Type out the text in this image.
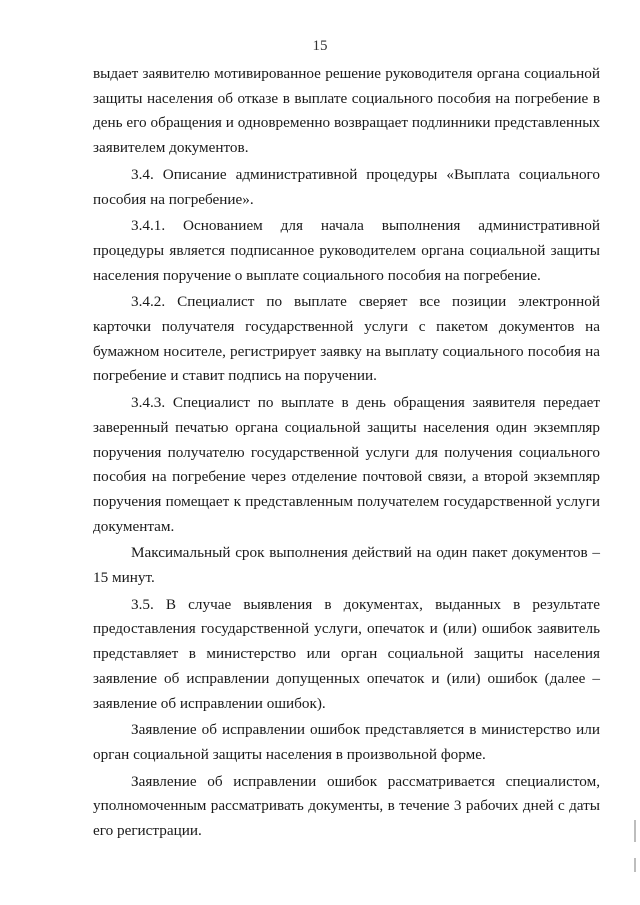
15

выдает заявителю мотивированное решение руководителя органа социальной защиты населения об отказе в выплате социального пособия на погребение в день его обращения и одновременно возвращает подлинники представленных заявителем документов.

3.4. Описание административной процедуры «Выплата социального пособия на погребение».

3.4.1. Основанием для начала выполнения административной процедуры является подписанное руководителем органа социальной защиты населения поручение о выплате социального пособия на погребение.

3.4.2. Специалист по выплате сверяет все позиции электронной карточки получателя государственной услуги с пакетом документов на бумажном носителе, регистрирует заявку на выплату социального пособия на погребение и ставит подпись на поручении.

3.4.3. Специалист по выплате в день обращения заявителя передает заверенный печатью органа социальной защиты населения один экземпляр поручения получателю государственной услуги для получения социального пособия на погребение через отделение почтовой связи, а второй экземпляр поручения помещает к представленным получателем государственной услуги документам.

Максимальный срок выполнения действий на один пакет документов – 15 минут.

3.5. В случае выявления в документах, выданных в результате предоставления государственной услуги, опечаток и (или) ошибок заявитель представляет в министерство или орган социальной защиты населения заявление об исправлении допущенных опечаток и (или) ошибок (далее – заявление об исправлении ошибок).

Заявление об исправлении ошибок представляется в министерство или орган социальной защиты населения в произвольной форме.

Заявление об исправлении ошибок рассматривается специалистом, уполномоченным рассматривать документы, в течение 3 рабочих дней с даты его регистрации.
